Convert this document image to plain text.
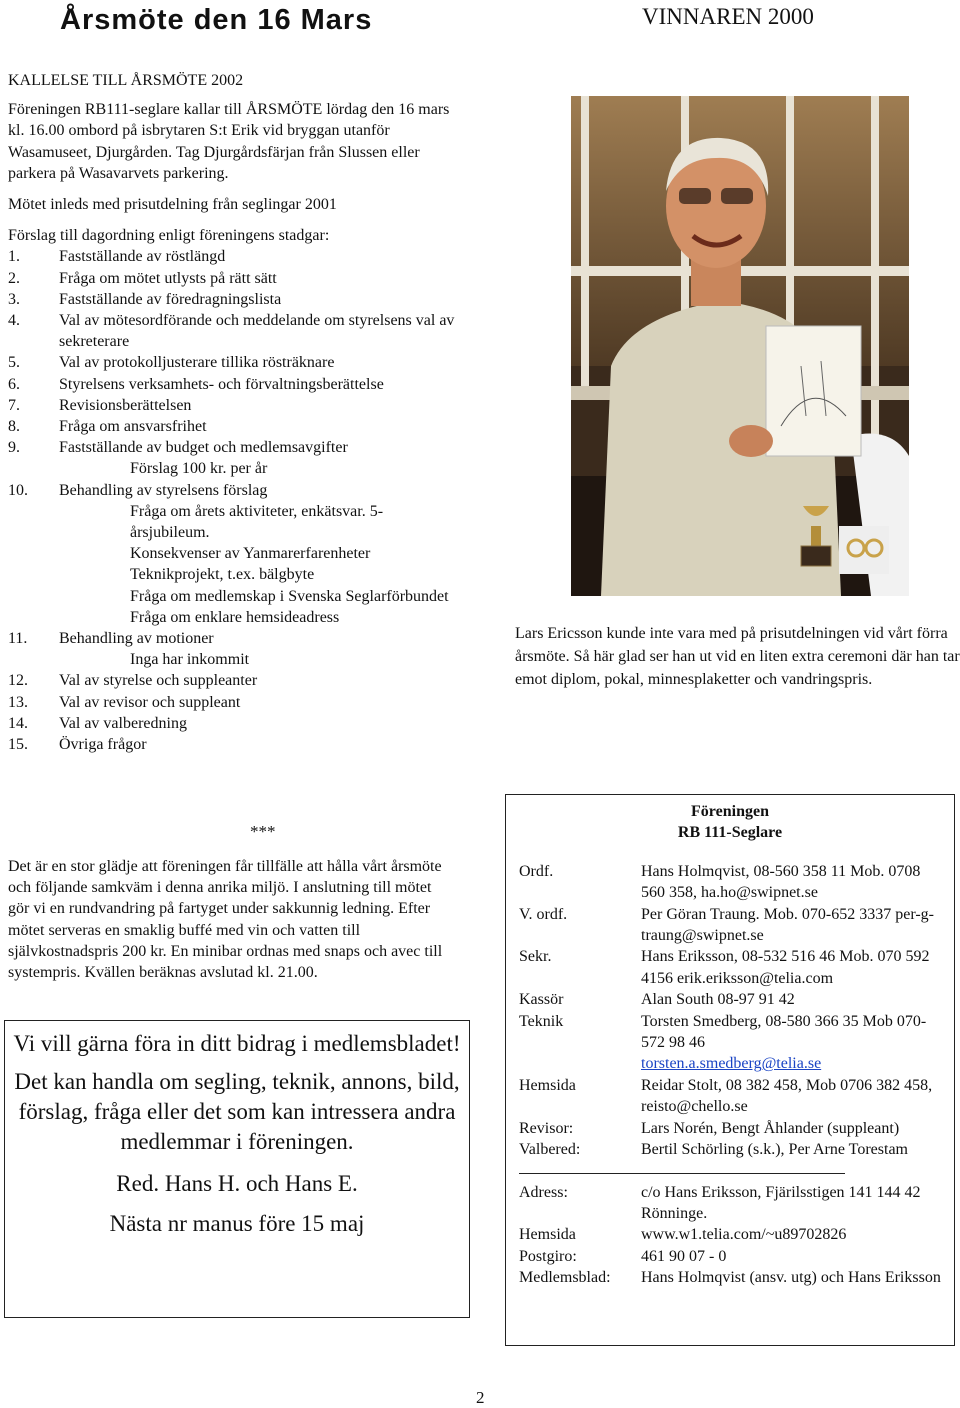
Årsmöte den 16 Mars	VINNAREN 2000

KALLELSE TILL ÅRSMÖTE 2002

Föreningen RB111-seglare kallar till ÅRSMÖTE lördag den 16 mars kl. 16.00 ombord på isbrytaren S:t Erik vid bryggan utanför Wasamuseet, Djurgården. Tag Djurgårdsfärjan från Slussen eller parkera på Wasavarvets parkering.

Mötet inleds med prisutdelning från seglingar 2001

Förslag till dagordning enligt föreningens stadgar:

1.	Fastställande av röstlängd
2.	Fråga om mötet utlysts på rätt sätt
3.	Fastställande av föredragningslista
4.	Val av mötesordförande och meddelande om styrelsens val av sekreterare
5.	Val av protokolljusterare tillika rösträknare
6.	Styrelsens verksamhets- och förvaltningsberättelse
7.	Revisionsberättelsen
8.	Fråga om ansvarsfrihet
9.	Fastställande av budget och medlemsavgifter
Förslag 100 kr. per år
10.	Behandling av styrelsens förslag
Fråga om årets aktiviteter, enkätsvar. 5-årsjubileum.
Konsekvenser av Yanmarerfarenheter
Teknikprojekt, t.ex. bälgbyte
Fråga om medlemskap i Svenska Seglarförbundet
Fråga om enklare hemsideadress
11.	Behandling av motioner
Inga har inkommit
12.	Val av styrelse och suppleanter
13.	Val av revisor och suppleant
14.	Val av valberedning
15.	Övriga frågor
***

Det är en stor glädje att föreningen får tillfälle att hålla vårt årsmöte och följande samkväm i denna anrika miljö. I anslutning till mötet gör vi en rundvandring på fartyget under sakkunnig ledning. Efter mötet serveras en smaklig buffé med vin och vatten till självkostnadspris 200 kr. En minibar ordnas med snaps och avec till systempris. Kvällen beräknas avslutad kl. 21.00.

Vi vill gärna föra in ditt bidrag i medlemsbladet!

Det kan handla om segling, teknik, annons, bild, förslag, fråga eller det som kan intressera andra medlemmar i föreningen.

Red. Hans H. och Hans E.

Nästa nr manus före 15 maj

Lars Ericsson kunde inte vara med på prisutdelningen vid vårt förra årsmöte. Så här glad ser han ut vid en liten extra ceremoni där han tar emot diplom, pokal, minnesplaketter och vandringspris.

Föreningen
RB 111-Seglare
Ordf.	Hans Holmqvist, 08-560 358 11 Mob. 0708 560 358, ha.ho@swipnet.se
V. ordf.	Per Göran Traung. Mob. 070-652 3337 per-g-traung@swipnet.se
Sekr.	Hans Eriksson, 08-532 516 46 Mob. 070 592 4156 erik.eriksson@telia.com
Kassör	Alan South 08-97 91 42
Teknik	Torsten Smedberg, 08-580 366 35 Mob 070-572 98 46
torsten.a.smedberg@telia.se
Hemsida	Reidar Stolt, 08 382 458, Mob 0706 382 458, reisto@chello.se
Revisor:	Lars Norén, Bengt Åhlander (suppleant)
Valbered:	Bertil Schörling (s.k.), Per Arne Torestam
Adress:	c/o Hans Eriksson, Fjärilsstigen 141 144 42 Rönninge.
Hemsida	www.w1.telia.com/~u89702826
Postgiro:	461 90 07 - 0
Medlemsblad:	Hans Holmqvist (ansv. utg) och Hans Eriksson
2
